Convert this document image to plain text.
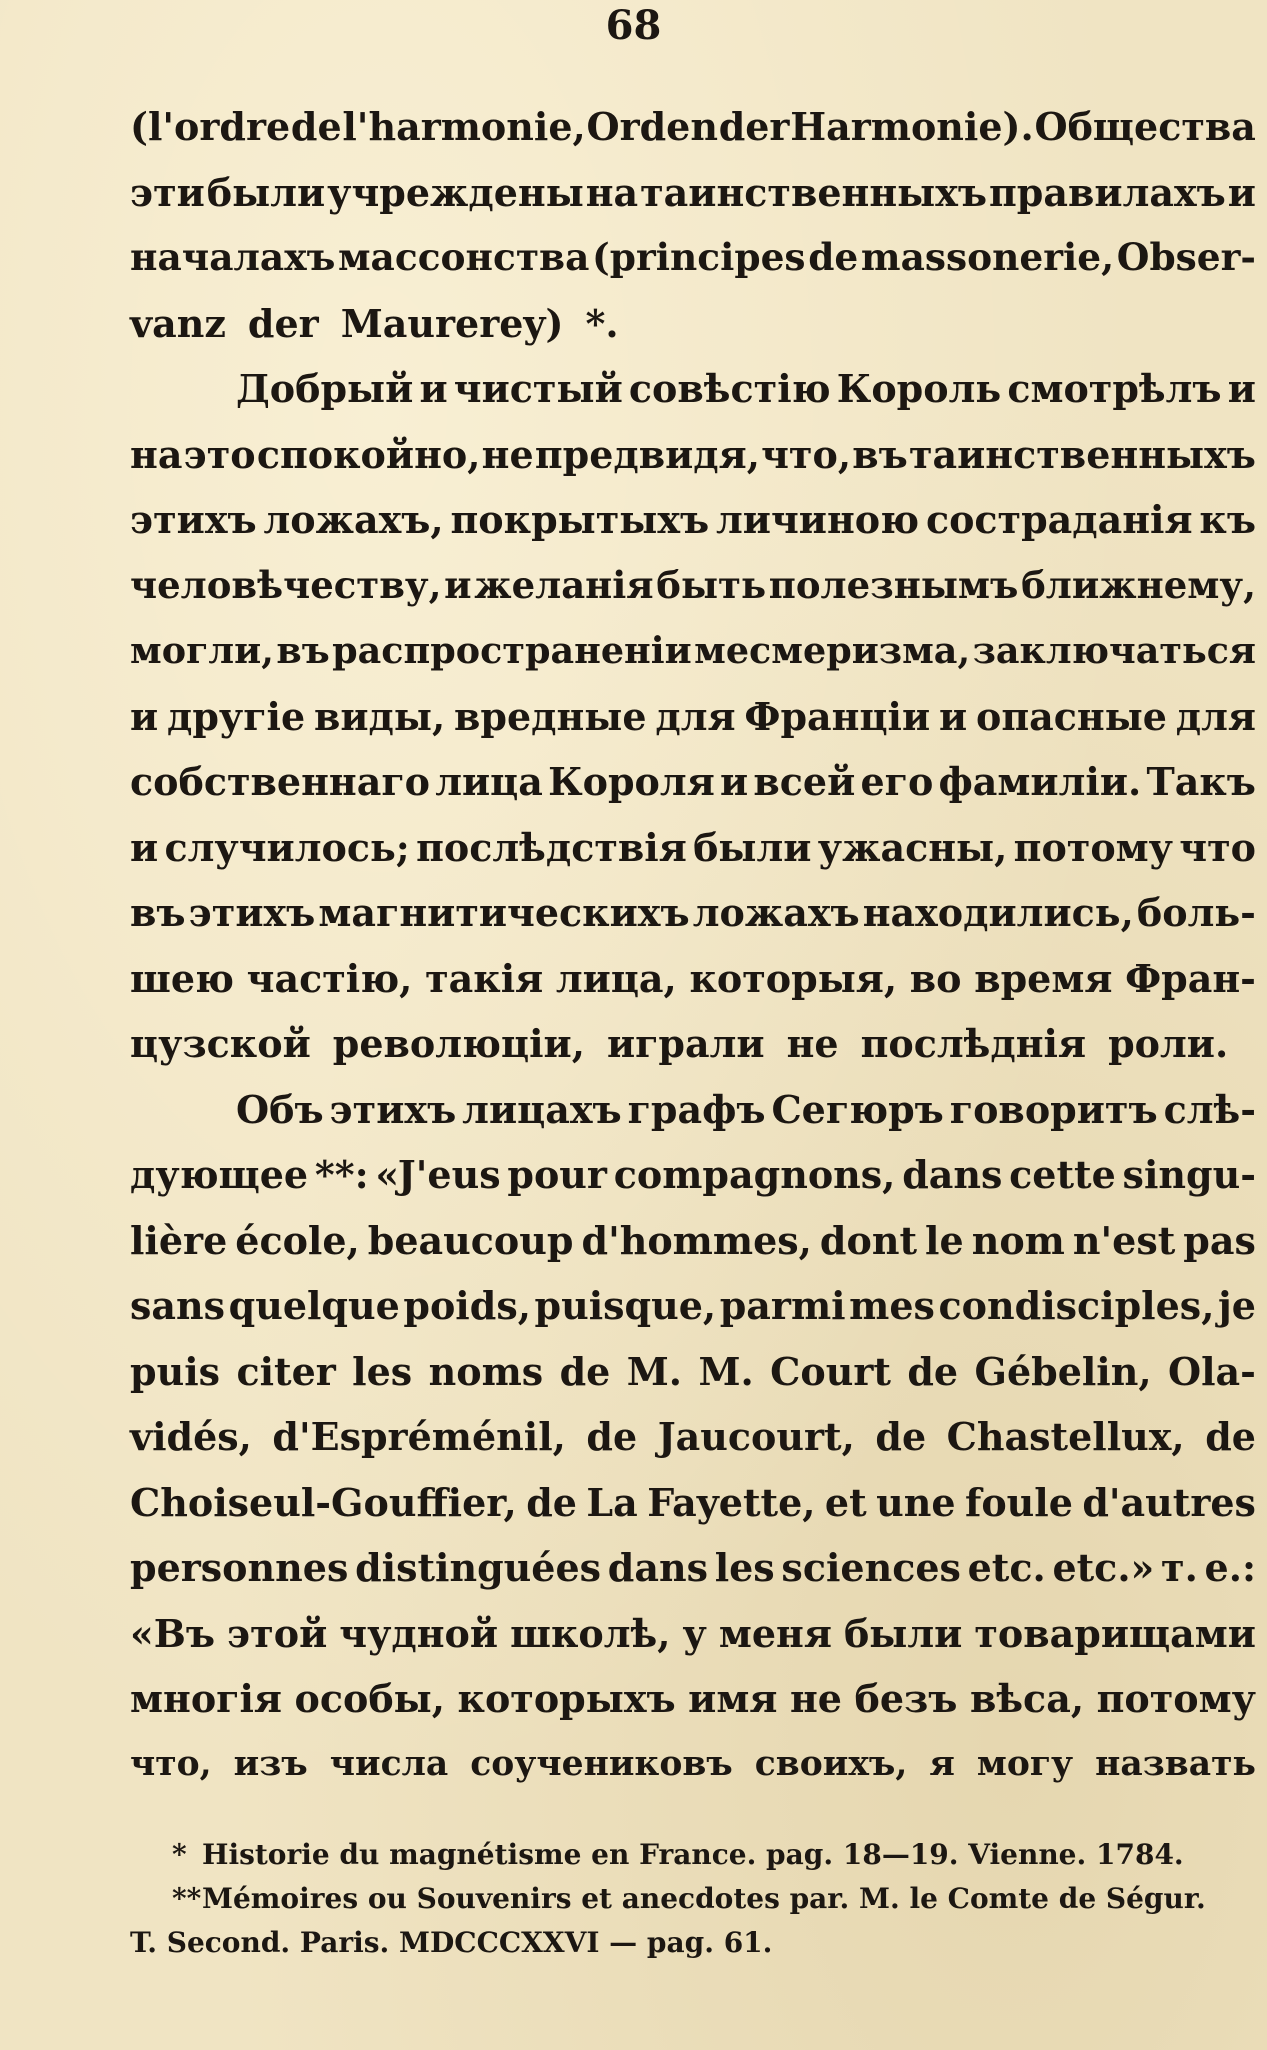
68
(l'ordre de l'harmonie, Orden der Harmonie). Общества
эти были учреждены на таинственныхъ правилахъ и
началахъ массонства (principes de massonerie, Obser-
vanz der Maurerey) *.
Добрый и чистый совѣстію Король смотрѣлъ и
на это спокойно, не предвидя, что, въ таинственныхъ
этихъ ложахъ, покрытыхъ личиною состраданія къ
человѣчеству, и желанія быть полезнымъ ближнему,
могли, въ распространеніи месмеризма, заключаться
и другіе виды, вредные для Франціи и опасные для
собственнаго лица Короля и всей его фамиліи. Такъ
и случилось; послѣдствія были ужасны, потому что
въ этихъ магнитическихъ ложахъ находились, боль-
шею частію, такія лица, которыя, во время Фран-
цузской революціи, играли не послѣднія роли.
Объ этихъ лицахъ графъ Сегюръ говоритъ слѣ-
дующее **: «J'eus pour compagnons, dans cette singu-
lière école, beaucoup d'hommes, dont le nom n'est pas
sans quelque poids, puisque, parmi mes condisciples, je
puis citer les noms de M. M. Court de Gébelin, Ola-
vidés, d'Espréménil, de Jaucourt, de Chastellux, de
Choiseul-Gouffier, de La Fayette, et une foule d'autres
personnes distinguées dans les sciences etc. etc.» т. е.:
«Въ этой чудной школѣ, у меня были товарищами
многія особы, которыхъ имя не безъ вѣса, потому
что, изъ числа соучениковъ своихъ, я могу назвать
* Historie du magnétisme en France. pag. 18—19. Vienne. 1784.
**Mémoires ou Souvenirs et anecdotes par. M. le Comte de Ségur.
T. Second. Paris. MDCCCXXVI — pag. 61.
